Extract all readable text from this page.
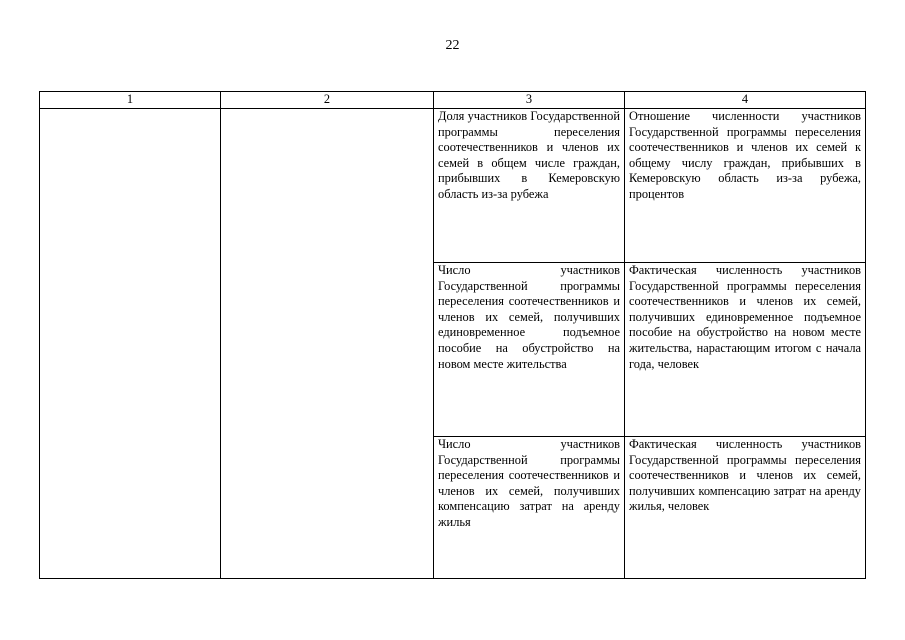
22
1	2	3	4
		Доля участников Государственной программы переселения соотечественников и членов их семей в общем числе граждан, прибывших в Кемеровскую область из-за рубежа	Отношение численности участников Государственной программы переселения соотечественников и членов их семей к общему числу граждан, прибывших в Кемеровскую область из-за рубежа, процентов
		Число участников Государственной программы переселения соотечественников и членов их семей, получивших единовременное подъемное пособие на обустройство на новом месте жительства	Фактическая численность участников Государственной программы переселения соотечественников и членов их семей, получивших единовременное подъемное пособие на обустройство на новом месте жительства, нарастающим итогом с начала года, человек
		Число участников Государственной программы переселения соотечественников и членов их семей, получивших компенсацию затрат на аренду жилья	Фактическая численность участников Государственной программы переселения соотечественников и членов их семей, получивших компенсацию затрат на аренду жилья, человек
